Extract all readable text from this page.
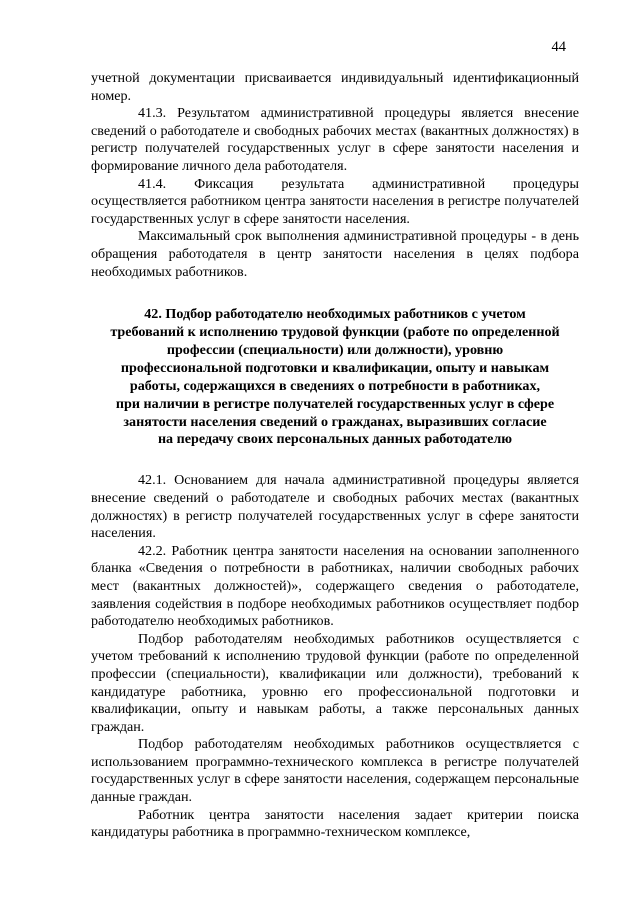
44

учетной документации присваивается индивидуальный идентификационный номер.

41.3. Результатом административной процедуры является внесение сведений о работодателе и свободных рабочих местах (вакантных должностях) в регистр получателей государственных услуг в сфере занятости населения и формирование личного дела работодателя.

41.4. Фиксация результата административной процедуры осуществляется работником центра занятости населения в регистре получателей государственных услуг в сфере занятости населения.

Максимальный срок выполнения административной процедуры - в день обращения работодателя в центр занятости населения в целях подбора необходимых работников.

42. Подбор работодателю необходимых работников с учетом
требований к исполнению трудовой функции (работе по определенной
профессии (специальности) или должности), уровню
профессиональной подготовки и квалификации, опыту и навыкам
работы, содержащихся в сведениях о потребности в работниках,
при наличии в регистре получателей государственных услуг в сфере
занятости населения сведений о гражданах, выразивших согласие
на передачу своих персональных данных работодателю

42.1. Основанием для начала административной процедуры является внесение сведений о работодателе и свободных рабочих местах (вакантных должностях) в регистр получателей государственных услуг в сфере занятости населения.

42.2. Работник центра занятости населения на основании заполненного бланка «Сведения о потребности в работниках, наличии свободных рабочих мест (вакантных должностей)», содержащего сведения о работодателе, заявления содействия в подборе необходимых работников осуществляет подбор работодателю необходимых работников.

Подбор работодателям необходимых работников осуществляется с учетом требований к исполнению трудовой функции (работе по определенной профессии (специальности), квалификации или должности), требований к кандидатуре работника, уровню его профессиональной подготовки и квалификации, опыту и навыкам работы, а также персональных данных граждан.

Подбор работодателям необходимых работников осуществляется с использованием программно-технического комплекса в регистре получателей государственных услуг в сфере занятости населения, содержащем персональные данные граждан.

Работник центра занятости населения задает критерии поиска кандидатуры работника в программно-техническом комплексе,
